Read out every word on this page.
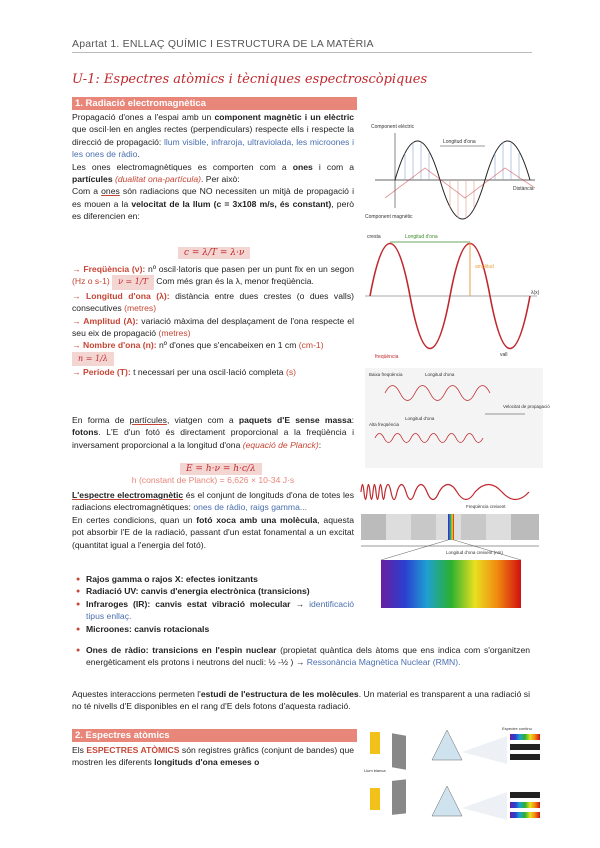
Apartat 1. ENLLAÇ QUÍMIC I ESTRUCTURA DE LA MATÈRIA
U-1: Espectres atòmics i tècniques espectroscòpiques
1. Radiació electromagnètica
Propagació d'ones a l'espai amb un component magnètic i un elèctric que oscil·len en angles rectes (perpendiculars) respecte ells i respecte la direcció de propagació: llum visible, infraroja, ultraviolada, les microones i les ones de ràdio.
Les ones electromagnètiques es comporten com a ones i com a partícules (dualitat ona-partícula). Per això:
Com a ones són radiacions que NO necessiten un mitjà de propagació i es mouen a la velocitat de la llum (c = 3x108 m/s, és constant), però es diferencien en:
c = λ/T = λ·ν
→ Freqüència (ν): nº oscil·latoris que pasen per un punt fix en un segon (Hz o s-1) ν = 1/T Com més gran és la λ, menor freqüència.
→ Longitud d'ona (λ): distància entre dues crestes (o dues valls) consecutives (metres)
→ Amplitud (A): variació màxima del desplaçament de l'ona respecte el seu eix de propagació (metres)
→ Nombre d'ona (n): nº d'ones que s'encabeixen en 1 cm (cm-1)
n = 1/λ
→ Període (T): t necessari per una oscil·lació completa (s)
En forma de partícules, viatgen com a paquets d'E sense massa: fotons. L'E d'un fotó és directament proporcional a la freqüència i inversament proporcional a la longitud d'ona (equació de Planck):
E = h·ν = h·c/λ
h (constant de Planck) = 6,626 × 10-34 J·s
L'espectre electromagnètic és el conjunt de longituds d'ona de totes les radiacions electromagnètiques: ones de ràdio, raigs gamma...
En certes condicions, quan un fotó xoca amb una molècula, aquesta pot absorbir l'E de la radiació, passant d'un estat fonamental a un excitat (quantitat igual a l'energia del fotó).
● Rajos gamma o rajos X: efectes ionitzants
● Radiació UV: canvis d'energia electrònica (transicions)
● Infraroges (IR): canvis estat vibració molecular → identificació tipus enllaç.
● Microones: canvis rotacionals
● Ones de ràdio: transicions en l'espin nuclear (propietat quàntica dels àtoms que ens indica com s'organitzen energèticament els protons i neutrons del nucli: ½ -½ ) → Ressonància Magnètica Nuclear (RMN).
Aquestes interaccions permeten l'estudi de l'estructura de les molècules. Un material es transparent a una radiació si no té nivells d'E disponibles en el rang d'E dels fotons d'aquesta radiació.
2. Espectres atòmics
Els ESPECTRES ATÒMICS són registres gràfics (conjunt de bandes) que mostren les diferents longituds d'ona emeses o
Component elèctric
Longitud d'ona
Distància
Component magnètic
cresta	Longitud d'ona
amplitud
λ(x)
freqüència	vall
Baixa freqüència	Longitud d'ona
Alta freqüència
Longitud d'ona
Velocitat de propagació
Freqüència creixent
Longitud d'ona creixent (nm)
Llum blanca
Espectre continu
